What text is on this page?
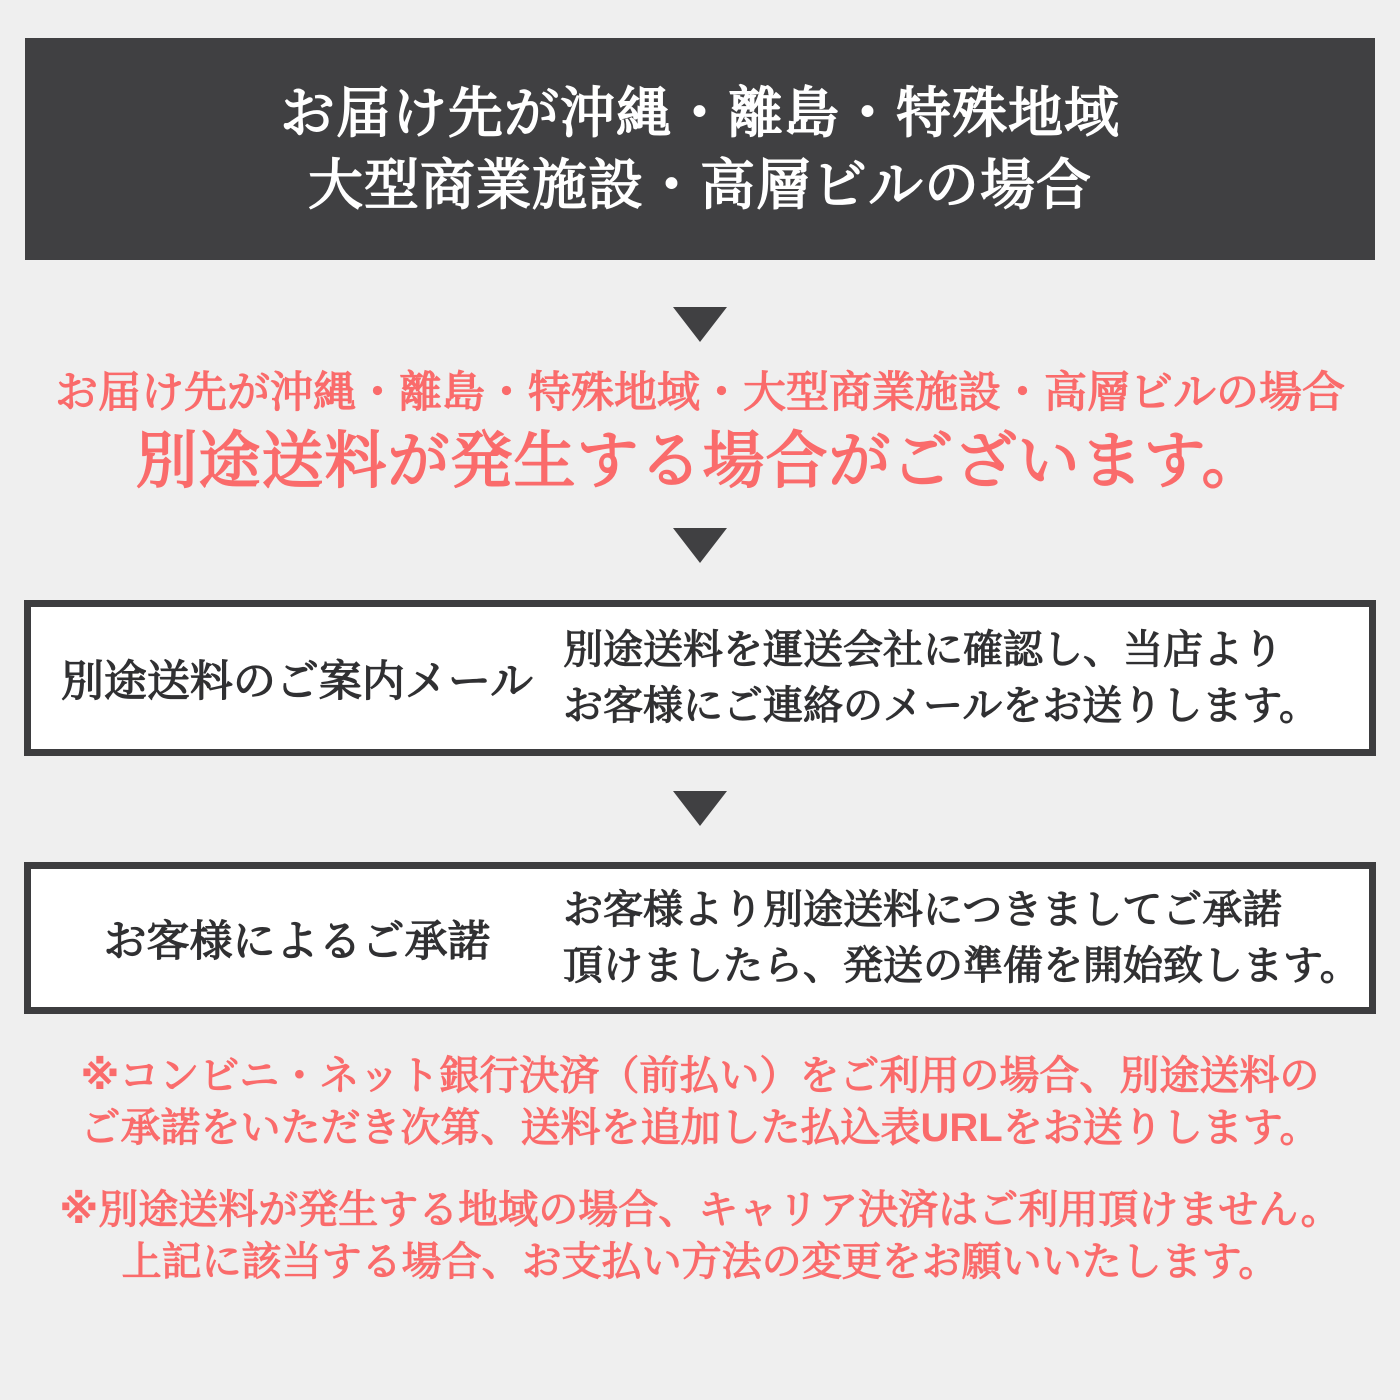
お届け先が沖縄・離島・特殊地域
大型商業施設・高層ビルの場合
お届け先が沖縄・離島・特殊地域・大型商業施設・高層ビルの場合
別途送料が発生する場合がございます。
別途送料のご案内メール
別途送料を運送会社に確認し、当店より
お客様にご連絡のメールをお送りします。
お客様によるご承諾
お客様より別途送料につきましてご承諾
頂けましたら、発送の準備を開始致します。

※コンビニ・ネット銀行決済（前払い）をご利用の場合、別途送料の
ご承諾をいただき次第、送料を追加した払込表URLをお送りします。

※別途送料が発生する地域の場合、キャリア決済はご利用頂けません。
上記に該当する場合、お支払い方法の変更をお願いいたします。
